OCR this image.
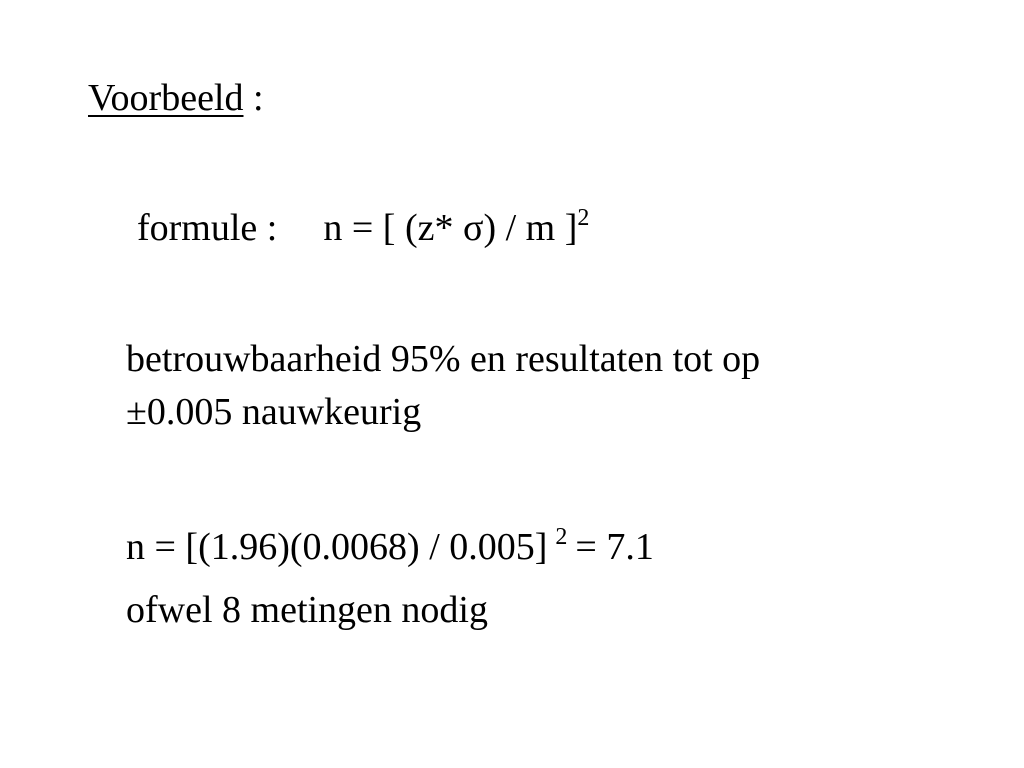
Voorbeeld :
formule : n = [ (z* σ) / m ]$^2$
betrouwbaarheid 95% en resultaten tot op
±0.005 nauwkeurig
n = [(1.96)(0.0068) / 0.005] $^2$ = 7.1
ofwel 8 metingen nodig
